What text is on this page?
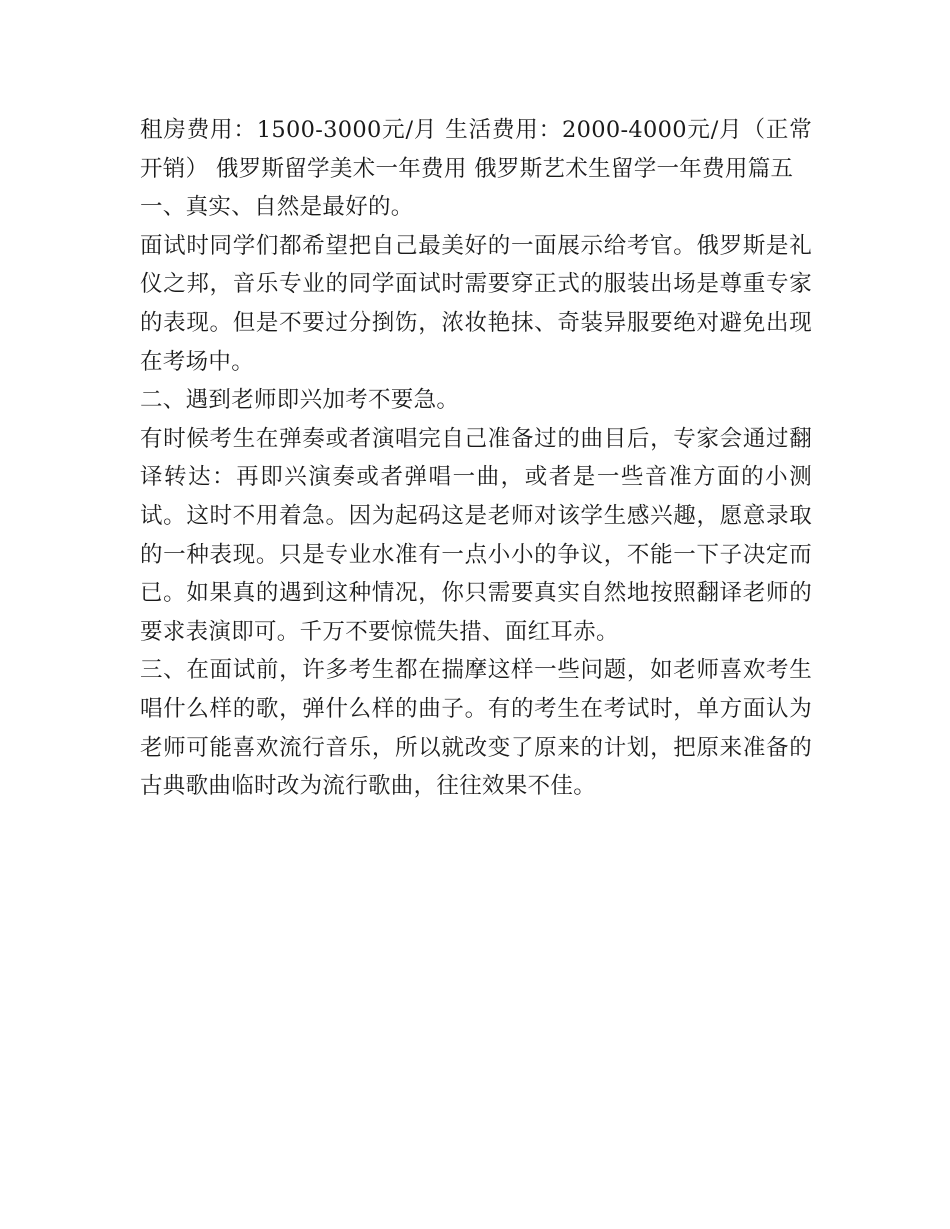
租房费用：1500-3000元/月 生活费用：2000-4000元/月（正常开销） 俄罗斯留学美术一年费用 俄罗斯艺术生留学一年费用篇五

一、真实、自然是最好的。

面试时同学们都希望把自己最美好的一面展示给考官。俄罗斯是礼仪之邦，音乐专业的同学面试时需要穿正式的服装出场是尊重专家的表现。但是不要过分捯饬，浓妆艳抹、奇装异服要绝对避免出现在考场中。

二、遇到老师即兴加考不要急。

有时候考生在弹奏或者演唱完自己准备过的曲目后，专家会通过翻译转达：再即兴演奏或者弹唱一曲，或者是一些音准方面的小测试。这时不用着急。因为起码这是老师对该学生感兴趣，愿意录取的一种表现。只是专业水准有一点小小的争议，不能一下子决定而已。如果真的遇到这种情况，你只需要真实自然地按照翻译老师的要求表演即可。千万不要惊慌失措、面红耳赤。

三、在面试前，许多考生都在揣摩这样一些问题，如老师喜欢考生唱什么样的歌，弹什么样的曲子。有的考生在考试时，单方面认为老师可能喜欢流行音乐，所以就改变了原来的计划，把原来准备的古典歌曲临时改为流行歌曲，往往效果不佳。
